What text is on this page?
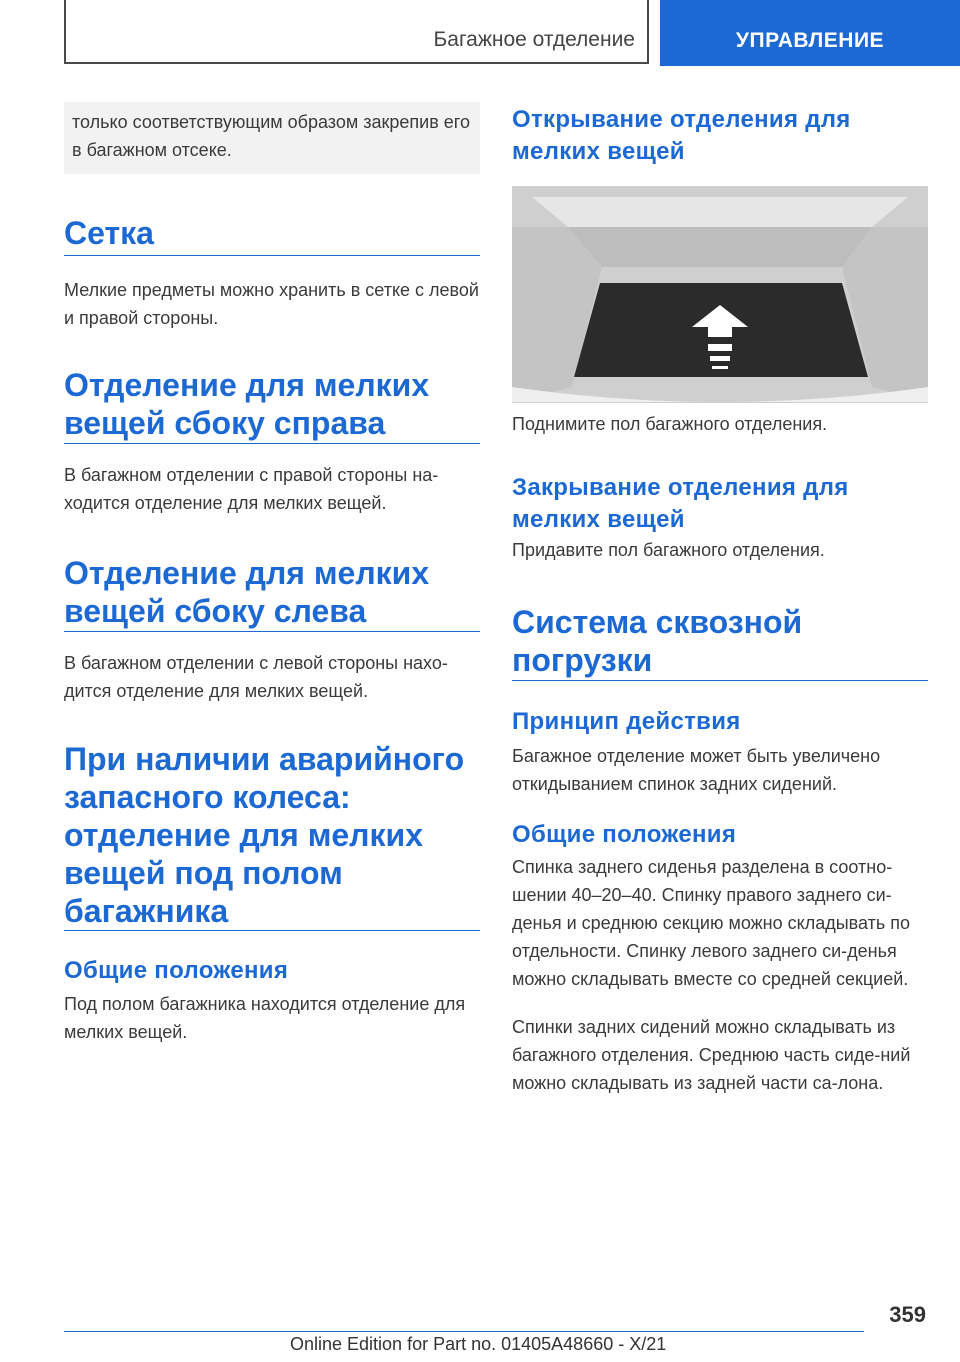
Багажное отделение	УПРАВЛЕНИЕ
только соответствующим образом закрепив его в багажном отсеке.
Сетка
Мелкие предметы можно хранить в сетке с левой и правой стороны.
Отделение для мелких вещей сбоку справа
В багажном отделении с правой стороны на-ходится отделение для мелких вещей.
Отделение для мелких вещей сбоку слева
В багажном отделении с левой стороны нахо-дится отделение для мелких вещей.
При наличии аварийного запасного колеса: отделение для мелких вещей под полом багажника
Общие положения
Под полом багажника находится отделение для мелких вещей.
Открывание отделения для мелких вещей
Поднимите пол багажного отделения.
Закрывание отделения для мелких вещей
Придавите пол багажного отделения.
Система сквозной погрузки
Принцип действия
Багажное отделение может быть увеличено откидыванием спинок задних сидений.
Общие положения
Спинка заднего сиденья разделена в соотно-шении 40–20–40. Спинку правого заднего си-денья и среднюю секцию можно складывать по отдельности. Спинку левого заднего си-денья можно складывать вместе со средней секцией.
Спинки задних сидений можно складывать из багажного отделения. Среднюю часть сиде-ний можно складывать из задней части са-лона.
359
Online Edition for Part no. 01405A48660 - X/21
